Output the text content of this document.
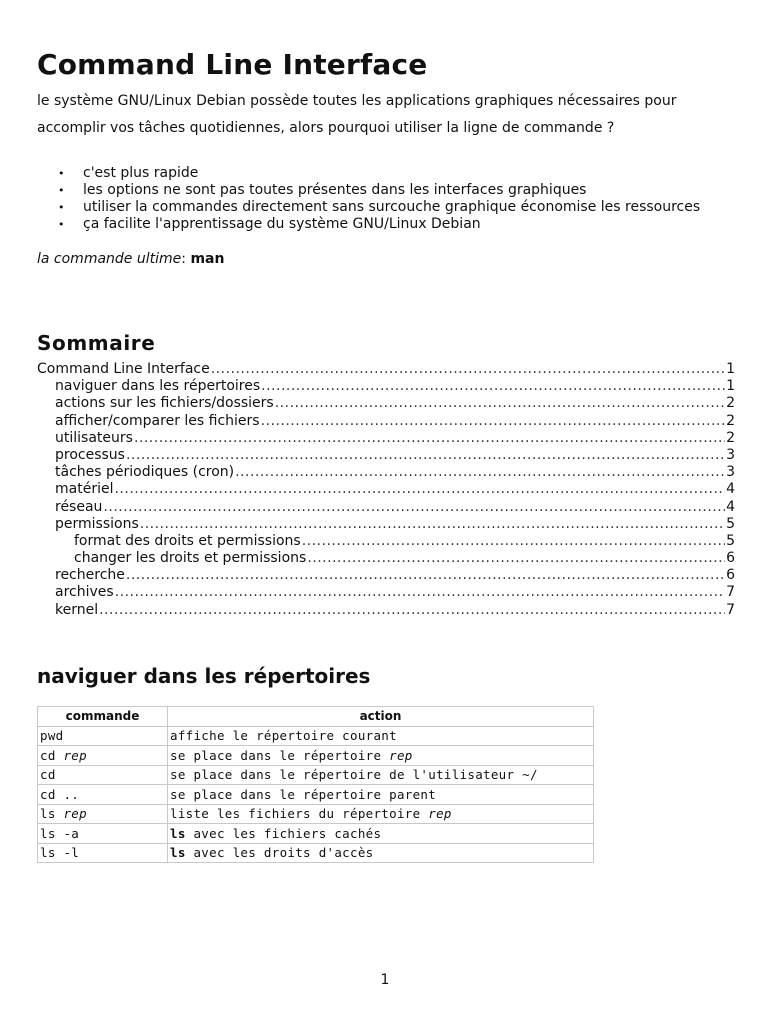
Command Line Interface
le système GNU/Linux Debian possède toutes les applications graphiques nécessaires pour accomplir vos tâches quotidiennes, alors pourquoi utiliser la ligne de commande ?
• c'est plus rapide
• les options ne sont pas toutes présentes dans les interfaces graphiques
• utiliser la commandes directement sans surcouche graphique économise les ressources
• ça facilite l'apprentissage du système GNU/Linux Debian
la commande ultime: man
Sommaire
Command Line Interface .....	1
naviguer dans les répertoires .....	1
actions sur les fichiers/dossiers .....	2
afficher/comparer les fichiers .....	2
utilisateurs .....	2
processus .....	3
tâches périodiques (cron) .....	3
matériel .....	4
réseau .....	4
permissions .....	5
format des droits et permissions .....	5
changer les droits et permissions .....	6
recherche .....	6
archives .....	7
kernel .....	7
naviguer dans les répertoires
commande	action
pwd	affiche le répertoire courant
cd rep	se place dans le répertoire rep
cd	se place dans le répertoire de l'utilisateur ~/
cd ..	se place dans le répertoire parent
ls rep	liste les fichiers du répertoire rep
ls -a	ls avec les fichiers cachés
ls -l	ls avec les droits d'accès
1
